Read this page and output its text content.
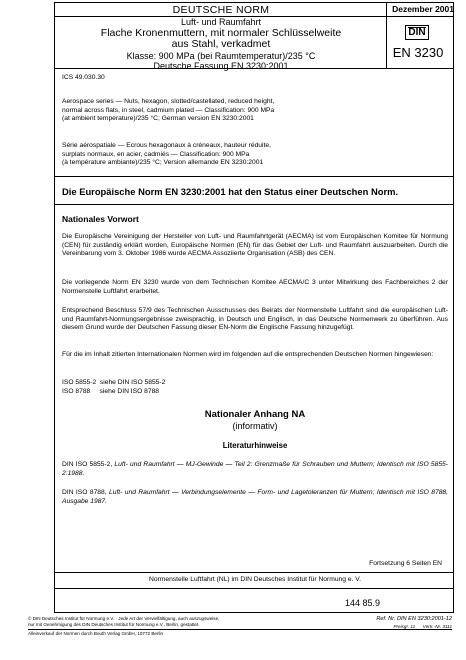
DEUTSCHE NORM	Dezember 2001
Luft- und Raumfahrt
Flache Kronenmuttern, mit normaler Schlüsselweite
aus Stahl, verkadmet
Klasse: 900 MPa (bei Raumtemperatur)/235 °C
Deutsche Fassung EN 3230:2001
DIN
EN 3230
ICS 49.030.30
Aerospace series — Nuts, hexagon, slotted/castellated, reduced height,
normal across flats, in steel, cadmium plated — Classification: 900 MPa
(at ambient temperature)/235 °C; German version EN 3230:2001
Série aérospatiale — Ecrous hexagonaux à créneaux, hauteur réduite,
surplats normaux, en acier, cadmiés — Classification: 900 MPa
(à température ambiante)/235 °C; Version allemande EN 3230:2001
Die Europäische Norm EN 3230:2001 hat den Status einer Deutschen Norm.
Nationales Vorwort
Die Europäische Vereinigung der Hersteller von Luft- und Raumfahrtgerät (AECMA) ist vom Europäischen Komitee für Normung (CEN) für zuständig erklärt worden, Europäische Normen (EN) für das Gebiet der Luft- und Raumfahrt auszuarbeiten. Durch die Vereinbarung vom 3. Oktober 1986 wurde AECMA Assoziierte Organisation (ASB) des CEN.
Die vorliegende Norm EN 3230 wurde von dem Technischen Komitee AECMA/C 3 unter Mitwirkung des Fachbereiches 2 der Normenstelle Luftfahrt erarbeitet.
Entsprechend Beschluss 57/9 des Technischen Ausschusses des Beirats der Normenstelle Luftfahrt sind die europäischen Luft- und Raumfahrt-Normungsergebnisse zweisprachig, in Deutsch und Englisch, in das Deutsche Normenwerk zu überführen. Aus diesem Grund wurde der Deutschen Fassung dieser EN-Norm die Englische Fassung hinzugefügt.
Für die im Inhalt zitierten Internationalen Normen wird im folgenden auf die entsprechenden Deutschen Normen hingewiesen:
ISO 5855-2  siehe DIN ISO 5855-2
ISO 8788     siehe DIN ISO 8788
Nationaler Anhang NA
(informativ)
Literaturhinweise
DIN ISO 5855-2, Luft- und Raumfahrt — MJ-Gewinde — Teil 2: Grenzmaße für Schrauben und Muttern; Identisch mit ISO 5855-2:1988.
DIN ISO 8788, Luft- und Raumfahrt — Verbindungselemente — Form- und Lagetoleranzen für Muttern; Identisch mit ISO 8788, Ausgabe 1987.
Fortsetzung 6 Seiten EN
Normenstelle Luftfahrt (NL) im DIN Deutsches Institut für Normung e. V.
144 85.9
© DIN Deutsches Institut für Normung e.V. · Jede Art der Vervielfältigung, auch auszugsweise,
nur mit Genehmigung des DIN Deutsches Institut für Normung e.V., Berlin, gestattet.
Ref. Nr. DIN EN 3230:2001-12
Preisgr. 11      Vertr.-Nr. 3111
Alleinverkauf der Normen durch Beuth Verlag GmbH, 10772 Berlin
